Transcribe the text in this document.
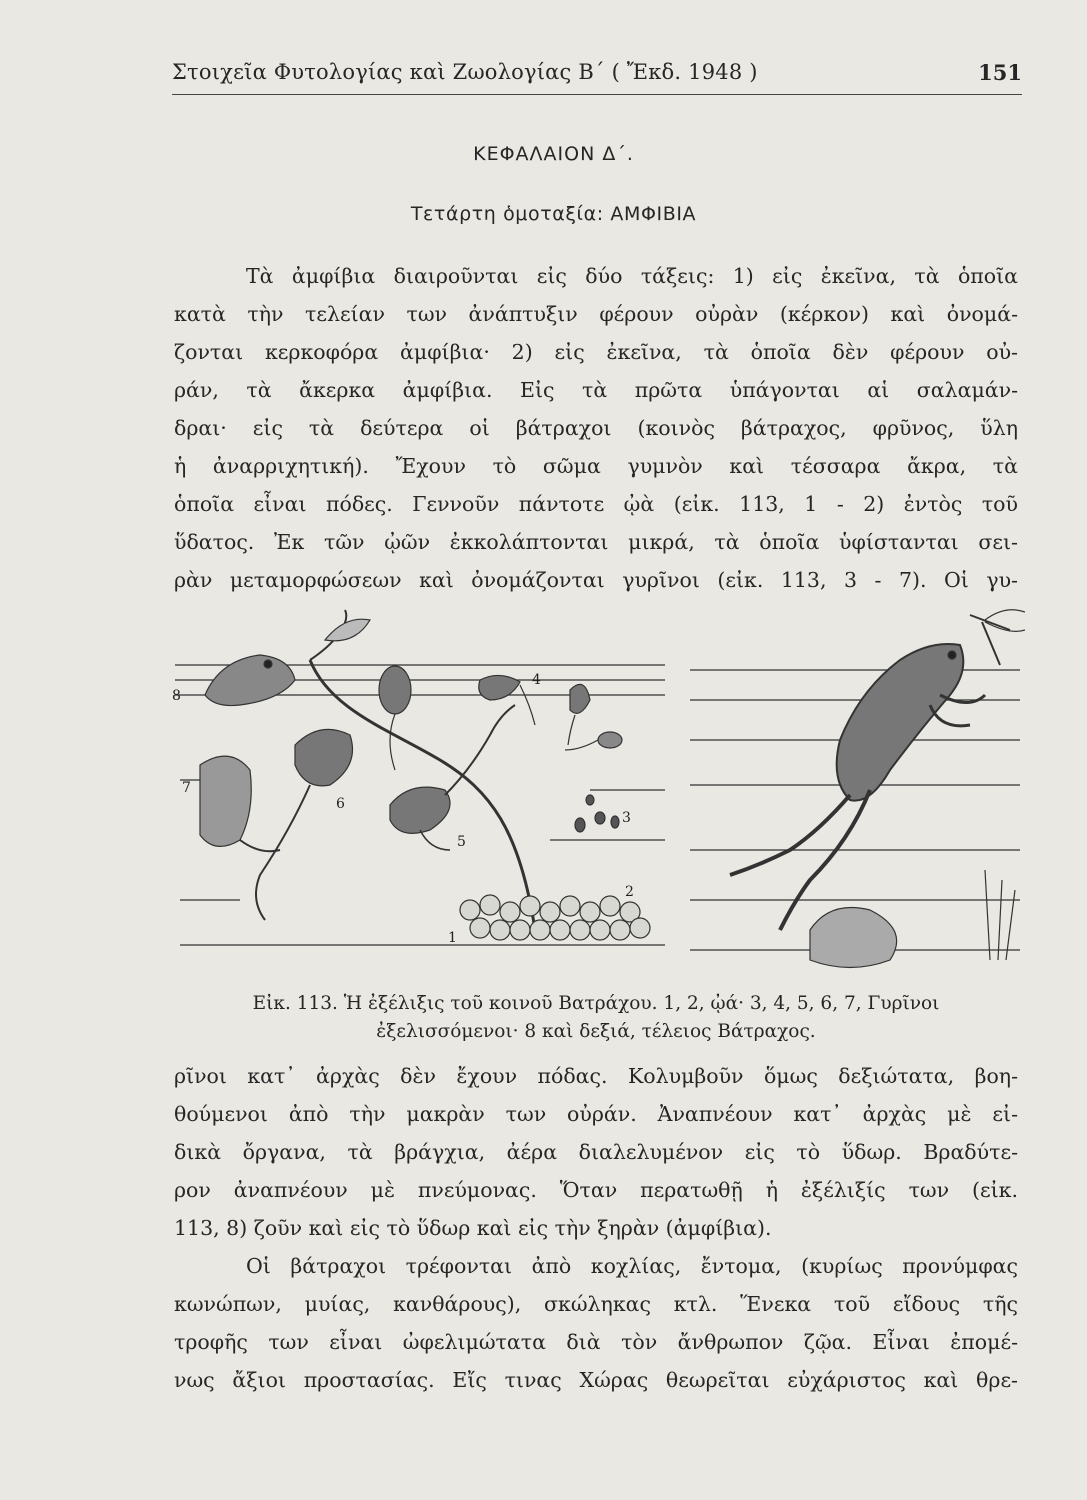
Στοιχεῖα Φυτολογίας καὶ Ζωολογίας Β΄ ( Ἔκδ. 1948 )	151
ΚΕΦΑΛΑΙΟΝ Δ΄.
Τετάρτη ὁμοταξία: ΑΜΦΙΒΙΑ
Τὰ ἀμφίβια διαιροῦνται εἰς δύο τάξεις: 1) εἰς ἐκεῖνα, τὰ ὁποῖα
κατὰ τὴν τελείαν των ἀνάπτυξιν φέρουν οὐρὰν (κέρκον) καὶ ὀνομά-
ζονται κερκοφόρα ἀμφίβια· 2) εἰς ἐκεῖνα, τὰ ὁποῖα δὲν φέρουν οὐ-
ράν, τὰ ἄκερκα ἀμφίβια. Εἰς τὰ πρῶτα ὑπάγονται αἱ σαλαμάν-
δραι· εἰς τὰ δεύτερα οἱ βάτραχοι (κοινὸς βάτραχος, φρῦνος, ὕλη
ἡ ἀναρριχητική). Ἔχουν τὸ σῶμα γυμνὸν καὶ τέσσαρα ἄκρα, τὰ
ὁποῖα εἶναι πόδες. Γεννοῦν πάντοτε ᾠὰ (εἰκ. 113, 1 - 2) ἐντὸς τοῦ
ὕδατος. Ἐκ τῶν ᾠῶν ἐκκολάπτονται μικρά, τὰ ὁποῖα ὑφίστανται σει-
ρὰν μεταμορφώσεων καὶ ὀνομάζονται γυρῖνοι (εἰκ. 113, 3 - 7). Οἱ γυ-
8
7
6
5
4
3
2
1
Εἰκ. 113. Ἡ ἐξέλιξις τοῦ κοινοῦ Βατράχου. 1, 2, ᾠά· 3, 4, 5, 6, 7, Γυρῖνοι
ἐξελισσόμενοι· 8 καὶ δεξιά, τέλειος Βάτραχος.
ρῖνοι κατ᾽ ἀρχὰς δὲν ἔχουν πόδας. Κολυμβοῦν ὅμως δεξιώτατα, βοη-
θούμενοι ἀπὸ τὴν μακρὰν των οὐράν. Ἀναπνέουν κατ᾽ ἀρχὰς μὲ εἰ-
δικὰ ὄργανα, τὰ βράγχια, ἀέρα διαλελυμένον εἰς τὸ ὕδωρ. Βραδύτε-
ρον ἀναπνέουν μὲ πνεύμονας. Ὅταν περατωθῇ ἡ ἐξέλιξίς των (εἰκ.
113, 8) ζοῦν καὶ εἰς τὸ ὕδωρ καὶ εἰς τὴν ξηρὰν (ἀμφίβια).
Οἱ βάτραχοι τρέφονται ἀπὸ κοχλίας, ἔντομα, (κυρίως προνύμφας
κωνώπων, μυίας, κανθάρους), σκώληκας κτλ. Ἕνεκα τοῦ εἴδους τῆς
τροφῆς των εἶναι ὠφελιμώτατα διὰ τὸν ἄνθρωπον ζῷα. Εἶναι ἐπομέ-
νως ἄξιοι προστασίας. Εἴς τινας Χώρας θεωρεῖται εὐχάριστος καὶ θρε-
